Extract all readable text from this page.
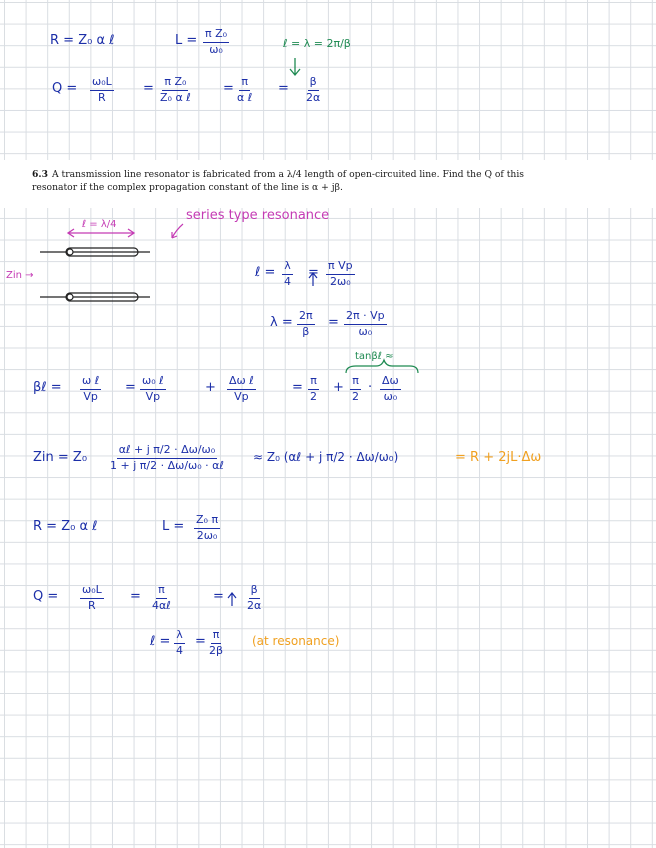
R = Z₀ α ℓ	$L = \frac{\text{π Z₀}}{\text{ω₀}}$	ℓ = λ = 2π/β
$Q = \frac{\text{ω₀L}}{R} = \pi$ Z₀
Z₀ α ℓ
= π
α ℓ
= $\frac{\beta}{2\alpha}$

6.3 A transmission line resonator is fabricated from a λ/4 length of open-circuited line. Find the Q of this resonator if the complex propagation constant of the line is α + jβ.

ℓ = λ/4
series type resonance
Zin →	ℓ = $\frac{\lambda}{4} = \frac{\text{π Vp}}{\text{2ω₀}}$
$\lambda = \frac{2\pi}{\beta} = \frac{2\pi \cdot Vp}{\text{ω₀}}$
tanβℓ ≈
βℓ = ω ℓ
Vp
= ω₀ ℓ
Vp
+ Δω ℓ
Vp
= $\frac{\pi}{2} + \frac{\pi}{2} \cdot \frac{\Delta\omega}{\text{ω₀}}$
Zin = Z₀
αℓ + j π/2 · Δω/ω₀
1 + j π/2 · Δω/ω₀ · αℓ
≈ Z₀ (αℓ + j π/2 · Δω/ω₀)	= R + 2jL·Δω
R = Z₀ α ℓ	$L = \frac{\text{Z₀ π}}{\text{2ω₀}}$
$Q = \frac{\text{ω₀L}}{R} = \pi$
4αℓ
= $\frac{\beta}{2\alpha}$
ℓ = $\frac{\lambda}{4} = \frac{\pi}{2\beta} (at$ resonance)
